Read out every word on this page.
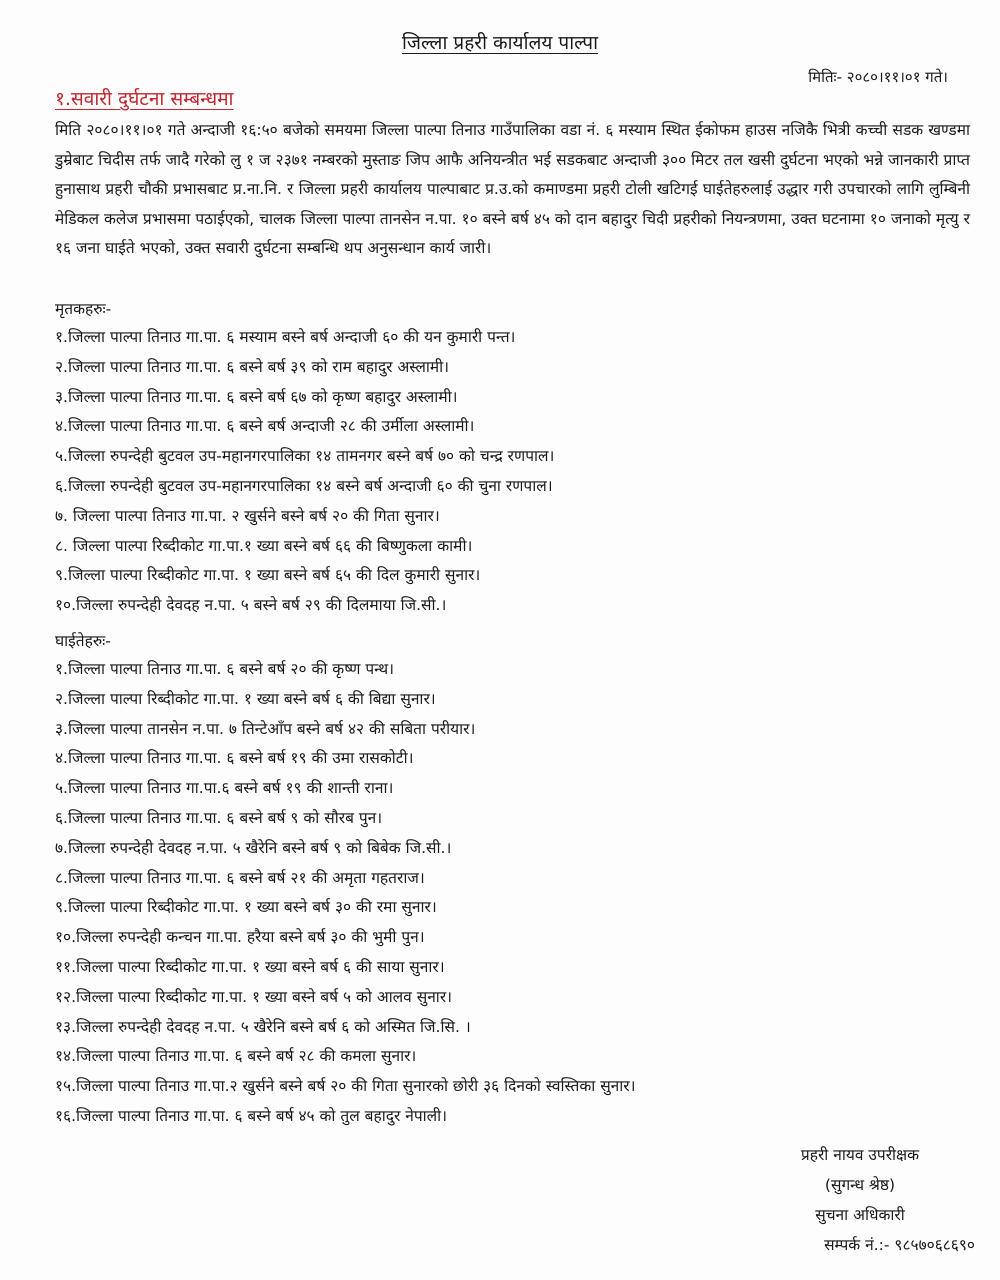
जिल्ला प्रहरी कार्यालय पाल्पा
मितिः- २०८०।११।०१ गते।
१.सवारी दुर्घटना सम्बन्धमा
मिति २०८०।११।०१ गते अन्दाजी १६:५० बजेको समयमा जिल्ला पाल्पा तिनाउ गाउँपालिका वडा नं. ६ मस्याम स्थित ईकोफम हाउस नजिकै भित्री कच्ची सडक खण्डमा डुम्रेबाट चिदीस तर्फ जादै गरेको लु १ ज २३७१ नम्बरको मुस्ताङ जिप आफै अनियन्त्रीत भई सडकबाट अन्दाजी ३०० मिटर तल खसी दुर्घटना भएको भन्ने जानकारी प्राप्त हुनासाथ प्रहरी चौकी प्रभासबाट प्र.ना.नि. र जिल्ला प्रहरी कार्यालय पाल्पाबाट प्र.उ.को कमाण्डमा प्रहरी टोली खटिगई घाईतेहरुलाई उद्धार गरी उपचारको लागि लुम्बिनी मेडिकल कलेज प्रभासमा पठाईएको, चालक जिल्ला पाल्पा तानसेन न.पा. १० बस्ने बर्ष ४५ को दान बहादुर चिदी प्रहरीको नियन्त्रणमा, उक्त घटनामा १० जनाको मृत्यु र १६ जना घाईते भएको, उक्त सवारी दुर्घटना सम्बन्धि थप अनुसन्धान कार्य जारी।
मृतकहरुः-
१.जिल्ला पाल्पा तिनाउ गा.पा. ६ मस्याम बस्ने बर्ष अन्दाजी ६० की यन कुमारी पन्त।
२.जिल्ला पाल्पा तिनाउ गा.पा. ६ बस्ने बर्ष ३९ को राम बहादुर अस्लामी।
३.जिल्ला पाल्पा तिनाउ गा.पा. ६ बस्ने बर्ष ६७ को कृष्ण बहादुर अस्लामी।
४.जिल्ला पाल्पा तिनाउ गा.पा. ६ बस्ने बर्ष अन्दाजी २८ की उर्मीला अस्लामी।
५.जिल्ला रुपन्देही बुटवल उप-महानगरपालिका १४ तामनगर बस्ने बर्ष ७० को चन्द्र रणपाल।
६.जिल्ला रुपन्देही बुटवल उप-महानगरपालिका १४ बस्ने बर्ष अन्दाजी ६० की चुना रणपाल।
७. जिल्ला पाल्पा तिनाउ गा.पा. २ खुर्सने बस्ने बर्ष २० की गिता सुनार।
८. जिल्ला पाल्पा रिब्दीकोट गा.पा.१ ख्या बस्ने बर्ष ६६ की बिष्णुकला कामी।
९.जिल्ला पाल्पा रिब्दीकोट गा.पा. १ ख्या बस्ने बर्ष ६५ की दिल कुमारी सुनार।
१०.जिल्ला रुपन्देही देवदह न.पा. ५ बस्ने बर्ष २९ की दिलमाया जि.सी.।
घाईतेहरुः-
१.जिल्ला पाल्पा तिनाउ गा.पा. ६ बस्ने बर्ष २० की कृष्ण पन्थ।
२.जिल्ला पाल्पा रिब्दीकोट गा.पा. १ ख्या बस्ने बर्ष ६ की बिद्या सुनार।
३.जिल्ला पाल्पा तानसेन न.पा. ७ तिन्टेआँप बस्ने बर्ष ४२ की सबिता परीयार।
४.जिल्ला पाल्पा तिनाउ गा.पा. ६ बस्ने बर्ष १९ की उमा रासकोटी।
५.जिल्ला पाल्पा तिनाउ गा.पा.६ बस्ने बर्ष १९ की शान्ती राना।
६.जिल्ला पाल्पा तिनाउ गा.पा. ६ बस्ने बर्ष ९ को सौरब पुन।
७.जिल्ला रुपन्देही देवदह न.पा. ५ खैरेनि बस्ने बर्ष ९ को बिबेक जि.सी.।
८.जिल्ला पाल्पा तिनाउ गा.पा. ६ बस्ने बर्ष २१ की अमृता गहतराज।
९.जिल्ला पाल्पा रिब्दीकोट गा.पा. १ ख्या बस्ने बर्ष ३० की रमा सुनार।
१०.जिल्ला रुपन्देही कन्चन गा.पा. हरैया बस्ने बर्ष ३० की भुमी पुन।
११.जिल्ला पाल्पा रिब्दीकोट गा.पा. १ ख्या बस्ने बर्ष ६ की साया सुनार।
१२.जिल्ला पाल्पा रिब्दीकोट गा.पा. १ ख्या बस्ने बर्ष ५ को आलव सुनार।
१३.जिल्ला रुपन्देही देवदह न.पा. ५ खैरेनि बस्ने बर्ष ६ को अस्मित जि.सि. ।
१४.जिल्ला पाल्पा तिनाउ गा.पा. ६ बस्ने बर्ष २८ की कमला सुनार।
१५.जिल्ला पाल्पा तिनाउ गा.पा.२ खुर्सने बस्ने बर्ष २० की गिता सुनारको छोरी ३६ दिनको स्वस्तिका सुनार।
१६.जिल्ला पाल्पा तिनाउ गा.पा. ६ बस्ने बर्ष ४५ को तुल बहादुर नेपाली।
प्रहरी नायव उपरीक्षक
(सुगन्ध श्रेष्ठ)
सुचना अधिकारी
सम्पर्क नं.:- ९८५७०६८६९०
